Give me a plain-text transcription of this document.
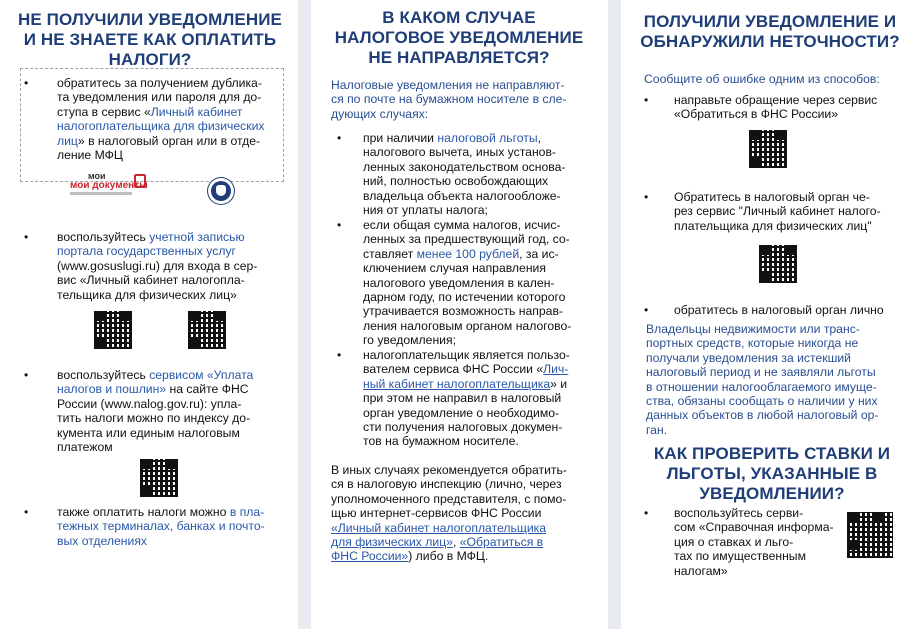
НЕ ПОЛУЧИЛИ УВЕДОМЛЕНИЕ
И НЕ ЗНАЕТЕ КАК ОПЛАТИТЬ
НАЛОГИ?
• обратитесь за получением дублика-
та уведомления или пароля для до-
ступа в сервис «Личный кабинет
налогоплательщика для физических
лиц» в налоговый орган или в отде-
ление МФЦ
мои
мои документы
• воспользуйтесь учетной записью
портала государственных услуг
(www.gosuslugi.ru) для входа в сер-
вис «Личный кабинет налогопла-
тельщика для физических лиц»
• воспользуйтесь сервисом «Уплата
налогов и пошлин» на сайте ФНС
России (www.nalog.gov.ru): упла-
тить налоги можно по индексу до-
кумента или единым налоговым
платежом
• также оплатить налоги можно в пла-
тежных терминалах, банках и почто-
вых отделениях
В КАКОМ СЛУЧАЕ
НАЛОГОВОЕ УВЕДОМЛЕНИЕ
НЕ НАПРАВЛЯЕТСЯ?
Налоговые уведомления не направляют-
ся по почте на бумажном носителе в сле-
дующих случаях:
• при наличии налоговой льготы,
налогового вычета, иных установ-
ленных законодательством основа-
ний, полностью освобождающих
владельца объекта налогообложе-
ния от уплаты налога;
• если общая сумма налогов, исчис-
ленных за предшествующий год, со-
ставляет менее 100 рублей, за ис-
ключением случая направления
налогового уведомления в кален-
дарном году, по истечении которого
утрачивается возможность направ-
ления налоговым органом налогово-
го уведомления;
• налогоплательщик является пользо-
вателем сервиса ФНС России «Лич-
ный кабинет налогоплательщика» и
при этом не направил в налоговый
орган уведомление о необходимо-
сти получения налоговых докумен-
тов на бумажном носителе.
В иных случаях рекомендуется обратить-
ся в налоговую инспекцию (лично, через
уполномоченного представителя, с помо-
щью интернет-сервисов ФНС России
«Личный кабинет налогоплательщика
для физических лиц», «Обратиться в
ФНС России») либо в МФЦ.
ПОЛУЧИЛИ УВЕДОМЛЕНИЕ И
ОБНАРУЖИЛИ НЕТОЧНОСТИ?
Сообщите об ошибке одним из способов:
• направьте обращение через сервис
«Обратиться в ФНС России»
• Обратитесь в налоговый орган че-
рез сервис "Личный кабинет налого-
плательщика для физических лиц"
• обратитесь в налоговый орган лично
Владельцы недвижимости или транс-
портных средств, которые никогда не
получали уведомления за истекший
налоговый период и не заявляли льготы
в отношении налогооблагаемого имуще-
ства, обязаны сообщать о наличии у них
данных объектов в любой налоговый ор-
ган.
КАК ПРОВЕРИТЬ СТАВКИ И
ЛЬГОТЫ, УКАЗАННЫЕ В
УВЕДОМЛЕНИИ?
• воспользуйтесь серви-
сом «Справочная информа-
ция о ставках и льго-
тах по имущественным
налогам»
